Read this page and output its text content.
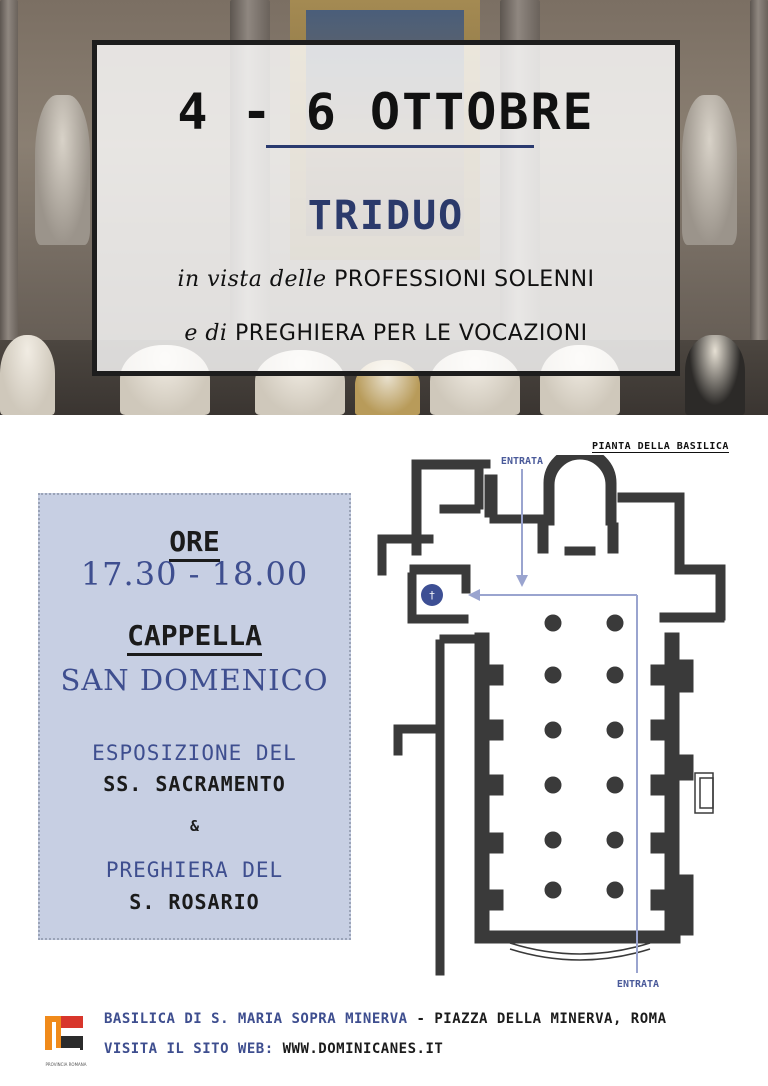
4 - 6 OTTOBRE
TRIDUO
in vista delle PROFESSIONI SOLENNI
e di PREGHIERA PER LE VOCAZIONI
ORE
17.30 - 18.00
CAPPELLA
SAN DOMENICO
ESPOSIZIONE DEL
SS. SACRAMENTO
&
PREGHIERA DEL
S. ROSARIO
PIANTA DELLA BASILICA
†
ENTRATA
ENTRATA
PROVINCIA ROMANA
BASILICA DI S. MARIA SOPRA MINERVA - PIAZZA DELLA MINERVA, ROMA
VISITA IL SITO WEB: WWW.DOMINICANES.IT
